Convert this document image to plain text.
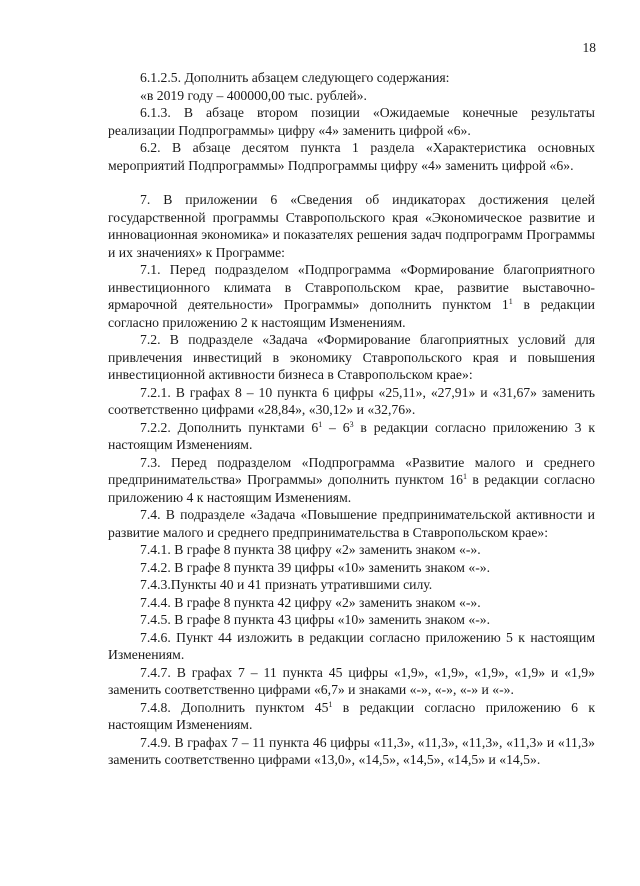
18

6.1.2.5. Дополнить абзацем следующего содержания:

«в 2019 году – 400000,00 тыс. рублей».

6.1.3. В абзаце втором позиции «Ожидаемые конечные результаты реализации Подпрограммы» цифру «4» заменить цифрой «6».

6.2. В абзаце десятом пункта 1 раздела «Характеристика основных мероприятий Подпрограммы» Подпрограммы цифру «4» заменить цифрой «6».

7. В приложении 6 «Сведения об индикаторах достижения целей государственной программы Ставропольского края «Экономическое развитие и инновационная экономика» и показателях решения задач подпрограмм Программы и их значениях» к Программе:

7.1. Перед подразделом «Подпрограмма «Формирование благоприятного инвестиционного климата в Ставропольском крае, развитие выставочно-ярмарочной деятельности» Программы» дополнить пунктом $1^1$ в редакции согласно приложению 2 к настоящим Изменениям.

7.2. В подразделе «Задача «Формирование благоприятных условий для привлечения инвестиций в экономику Ставропольского края и повышения инвестиционной активности бизнеса в Ставропольском крае»:

7.2.1. В графах 8 – 10 пункта 6 цифры «25,11», «27,91» и «31,67» заменить соответственно цифрами «28,84», «30,12» и «32,76».

7.2.2. Дополнить пунктами $6^1 - 6^3$ в редакции согласно приложению 3 к настоящим Изменениям.

7.3. Перед подразделом «Подпрограмма «Развитие малого и среднего предпринимательства» Программы» дополнить пунктом $16^1$ в редакции согласно приложению 4 к настоящим Изменениям.

7.4. В подразделе «Задача «Повышение предпринимательской активности и развитие малого и среднего предпринимательства в Ставропольском крае»:

7.4.1. В графе 8 пункта 38 цифру «2» заменить знаком «-».

7.4.2. В графе 8 пункта 39 цифры «10» заменить знаком «-».

7.4.3.Пункты 40 и 41 признать утратившими силу.

7.4.4. В графе 8 пункта 42 цифру «2» заменить знаком «-».

7.4.5. В графе 8 пункта 43 цифры «10» заменить знаком «-».

7.4.6. Пункт 44 изложить в редакции согласно приложению 5 к настоящим Изменениям.

7.4.7. В графах 7 – 11 пункта 45 цифры «1,9», «1,9», «1,9», «1,9» и «1,9» заменить соответственно цифрами «6,7» и знаками «-», «-», «-» и «-».

7.4.8. Дополнить пунктом $45^1$ в редакции согласно приложению 6 к настоящим Изменениям.

7.4.9. В графах 7 – 11 пункта 46 цифры «11,3», «11,3», «11,3», «11,3» и «11,3» заменить соответственно цифрами «13,0», «14,5», «14,5», «14,5» и «14,5».
